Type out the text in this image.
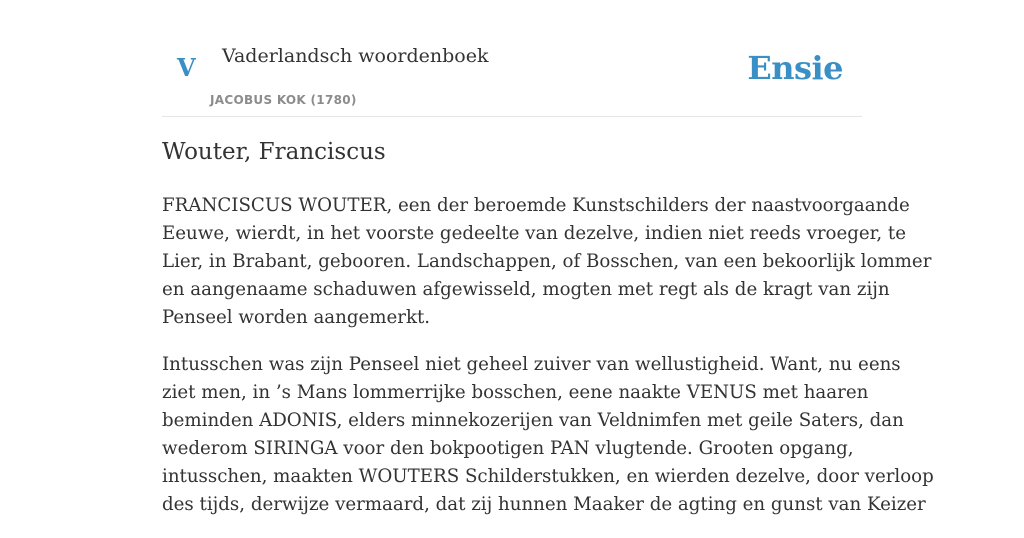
V Vaderlandsch woordenboek
JACOBUS KOK (1780)
Ensie
Wouter, Franciscus

FRANCISCUS WOUTER, een der beroemde Kunstschilders der naastvoorgaande
Eeuwe, wierdt, in het voorste gedeelte van dezelve, indien niet reeds vroeger, te
Lier, in Brabant, gebooren. Landschappen, of Bosschen, van een bekoorlijk lommer
en aangenaame schaduwen afgewisseld, mogten met regt als de kragt van zijn
Penseel worden aangemerkt.

Intusschen was zijn Penseel niet geheel zuiver van wellustigheid. Want, nu eens
ziet men, in ’s Mans lommerrijke bosschen, eene naakte VENUS met haaren
beminden ADONIS, elders minnekozerijen van Veldnimfen met geile Saters, dan
wederom SIRINGA voor den bokpootigen PAN vlugtende. Grooten opgang,
intusschen, maakten WOUTERS Schilderstukken, en wierden dezelve, door verloop
des tijds, derwijze vermaard, dat zij hunnen Maaker de agting en gunst van Keizer
